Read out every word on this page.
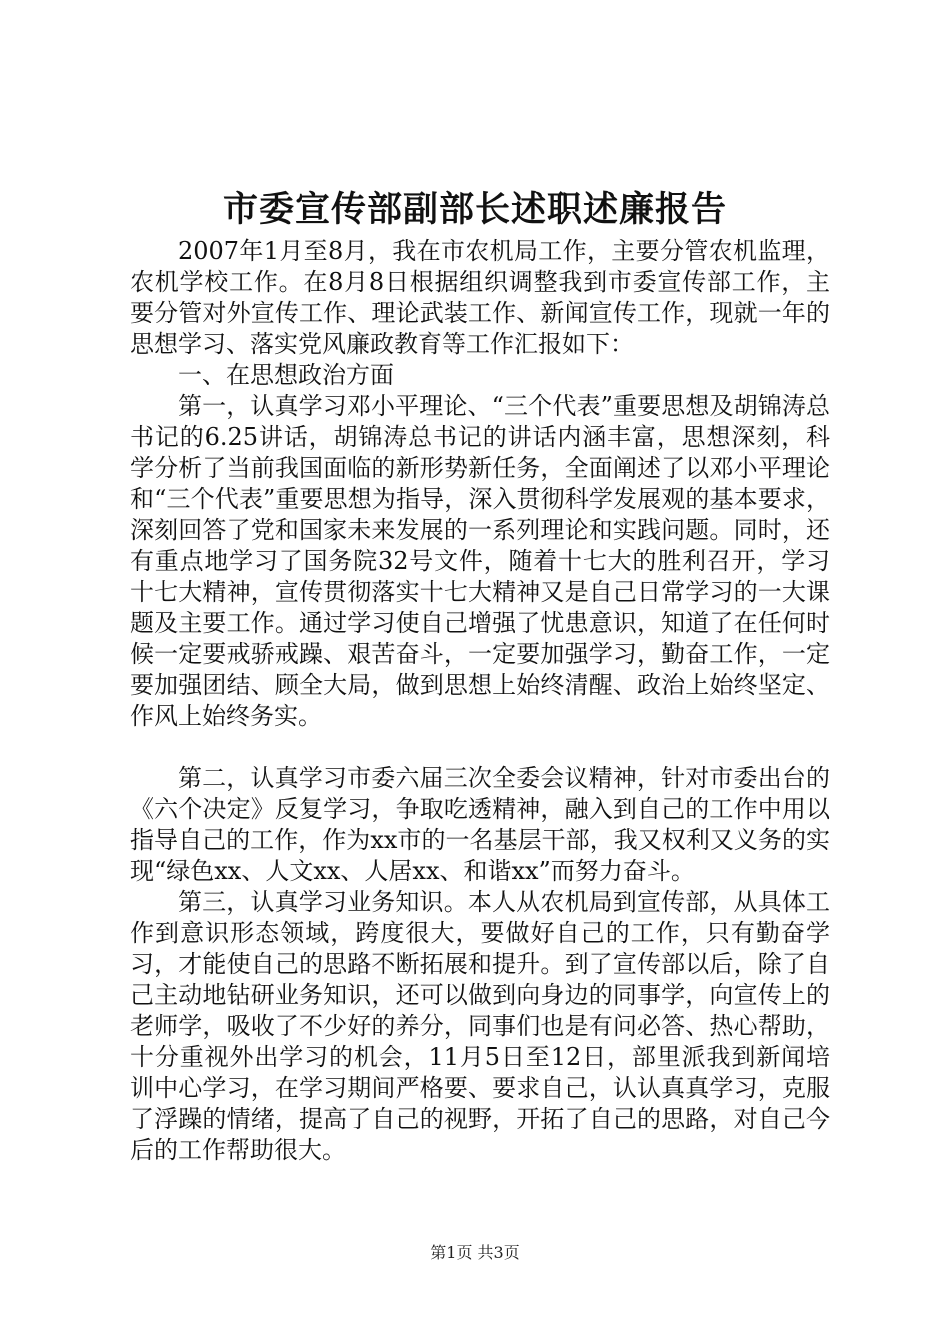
市委宣传部副部长述职述廉报告

2007年1月至8月，我在市农机局工作，主要分管农机监理，农机学校工作。在8月8日根据组织调整我到市委宣传部工作，主要分管对外宣传工作、理论武装工作、新闻宣传工作，现就一年的思想学习、落实党风廉政教育等工作汇报如下：

一、在思想政治方面

第一，认真学习邓小平理论、“三个代表”重要思想及胡锦涛总书记的6.25讲话，胡锦涛总书记的讲话内涵丰富，思想深刻，科学分析了当前我国面临的新形势新任务，全面阐述了以邓小平理论和“三个代表”重要思想为指导，深入贯彻科学发展观的基本要求，深刻回答了党和国家未来发展的一系列理论和实践问题。同时，还有重点地学习了国务院32号文件，随着十七大的胜利召开，学习十七大精神，宣传贯彻落实十七大精神又是自己日常学习的一大课题及主要工作。通过学习使自己增强了忧患意识，知道了在任何时候一定要戒骄戒躁、艰苦奋斗，一定要加强学习，勤奋工作，一定要加强团结、顾全大局，做到思想上始终清醒、政治上始终坚定、作风上始终务实。

第二，认真学习市委六届三次全委会议精神，针对市委出台的《六个决定》反复学习，争取吃透精神，融入到自己的工作中用以指导自己的工作，作为xx市的一名基层干部，我又权利又义务的实现“绿色xx、人文xx、人居xx、和谐xx”而努力奋斗。

第三，认真学习业务知识。本人从农机局到宣传部，从具体工作到意识形态领域，跨度很大，要做好自己的工作，只有勤奋学习，才能使自己的思路不断拓展和提升。到了宣传部以后，除了自己主动地钻研业务知识，还可以做到向身边的同事学，向宣传上的老师学，吸收了不少好的养分，同事们也是有问必答、热心帮助，十分重视外出学习的机会，11月5日至12日，部里派我到新闻培训中心学习，在学习期间严格要、要求自己，认认真真学习，克服了浮躁的情绪，提高了自己的视野，开拓了自己的思路，对自己今后的工作帮助很大。

第1页 共3页
